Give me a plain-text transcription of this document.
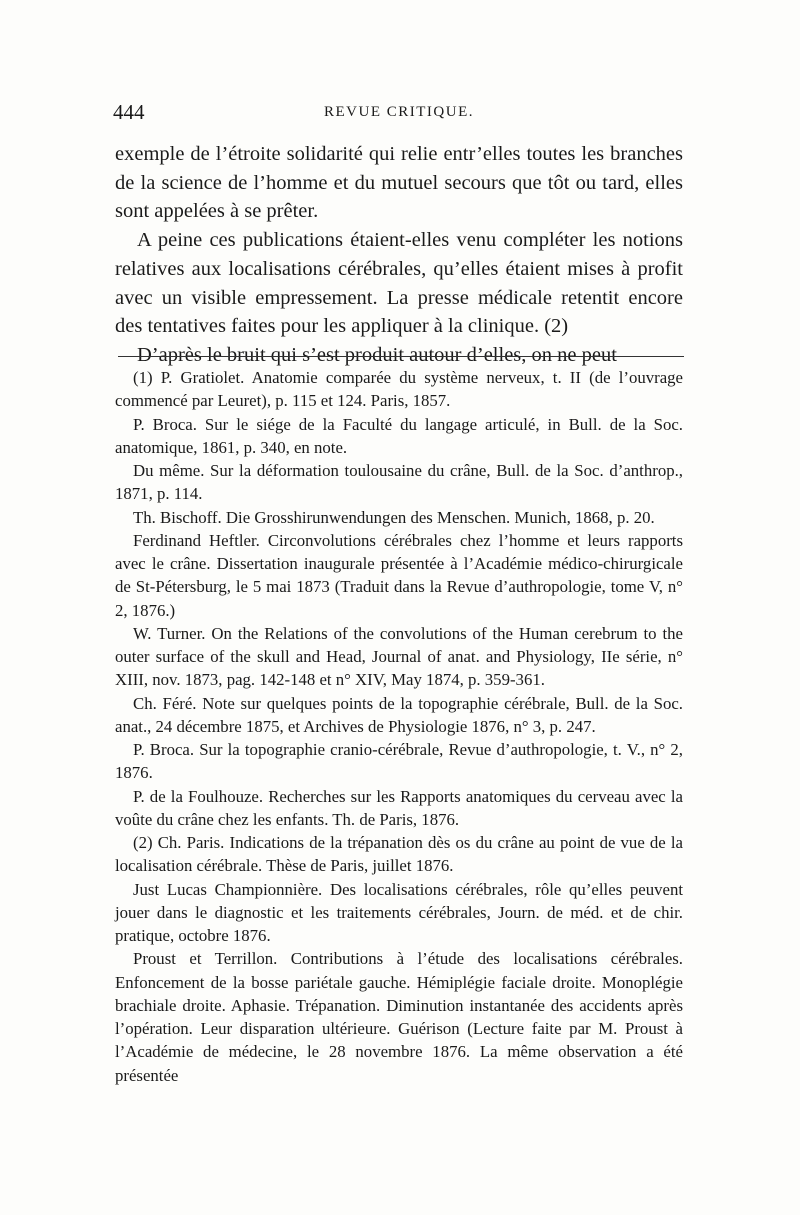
444	REVUE CRITIQUE.

exemple de l’étroite solidarité qui relie entr’elles toutes les branches de la science de l’homme et du mutuel secours que tôt ou tard, elles sont appelées à se prêter.

A peine ces publications étaient-elles venu compléter les notions relatives aux localisations cérébrales, qu’elles étaient mises à profit avec un visible empressement. La presse médicale retentit encore des tentatives faites pour les appliquer à la clinique. (2)

D’après le bruit qui s’est produit autour d’elles, on ne peut

(1) P. Gratiolet. Anatomie comparée du système nerveux, t. II (de l’ouvrage commencé par Leuret), p. 115 et 124. Paris, 1857.

P. Broca. Sur le siége de la Faculté du langage articulé, in Bull. de la Soc. anatomique, 1861, p. 340, en note.

Du même. Sur la déformation toulousaine du crâne, Bull. de la Soc. d’anthrop., 1871, p. 114.

Th. Bischoff. Die Grosshirunwendungen des Menschen. Munich, 1868, p. 20.

Ferdinand Heftler. Circonvolutions cérébrales chez l’homme et leurs rapports avec le crâne. Dissertation inaugurale présentée à l’Académie médico-chirurgicale de St-Pétersburg, le 5 mai 1873 (Traduit dans la Revue d’authropologie, tome V, n° 2, 1876.)

W. Turner. On the Relations of the convolutions of the Human cerebrum to the outer surface of the skull and Head, Journal of anat. and Physiology, IIe série, n° XIII, nov. 1873, pag. 142-148 et n° XIV, May 1874, p. 359-361.

Ch. Féré. Note sur quelques points de la topographie cérébrale, Bull. de la Soc. anat., 24 décembre 1875, et Archives de Physiologie 1876, n° 3, p. 247.

P. Broca. Sur la topographie cranio-cérébrale, Revue d’authropologie, t. V., n° 2, 1876.

P. de la Foulhouze. Recherches sur les Rapports anatomiques du cerveau avec la voûte du crâne chez les enfants. Th. de Paris, 1876.

(2) Ch. Paris. Indications de la trépanation dès os du crâne au point de vue de la localisation cérébrale. Thèse de Paris, juillet 1876.

Just Lucas Championnière. Des localisations cérébrales, rôle qu’elles peuvent jouer dans le diagnostic et les traitements cérébrales, Journ. de méd. et de chir. pratique, octobre 1876.

Proust et Terrillon. Contributions à l’étude des localisations cérébrales. Enfoncement de la bosse pariétale gauche. Hémiplégie faciale droite. Monoplégie brachiale droite. Aphasie. Trépanation. Diminution instantanée des accidents après l’opération. Leur disparation ultérieure. Guérison (Lecture faite par M. Proust à l’Académie de médecine, le 28 novembre 1876. La même observation a été présentée
